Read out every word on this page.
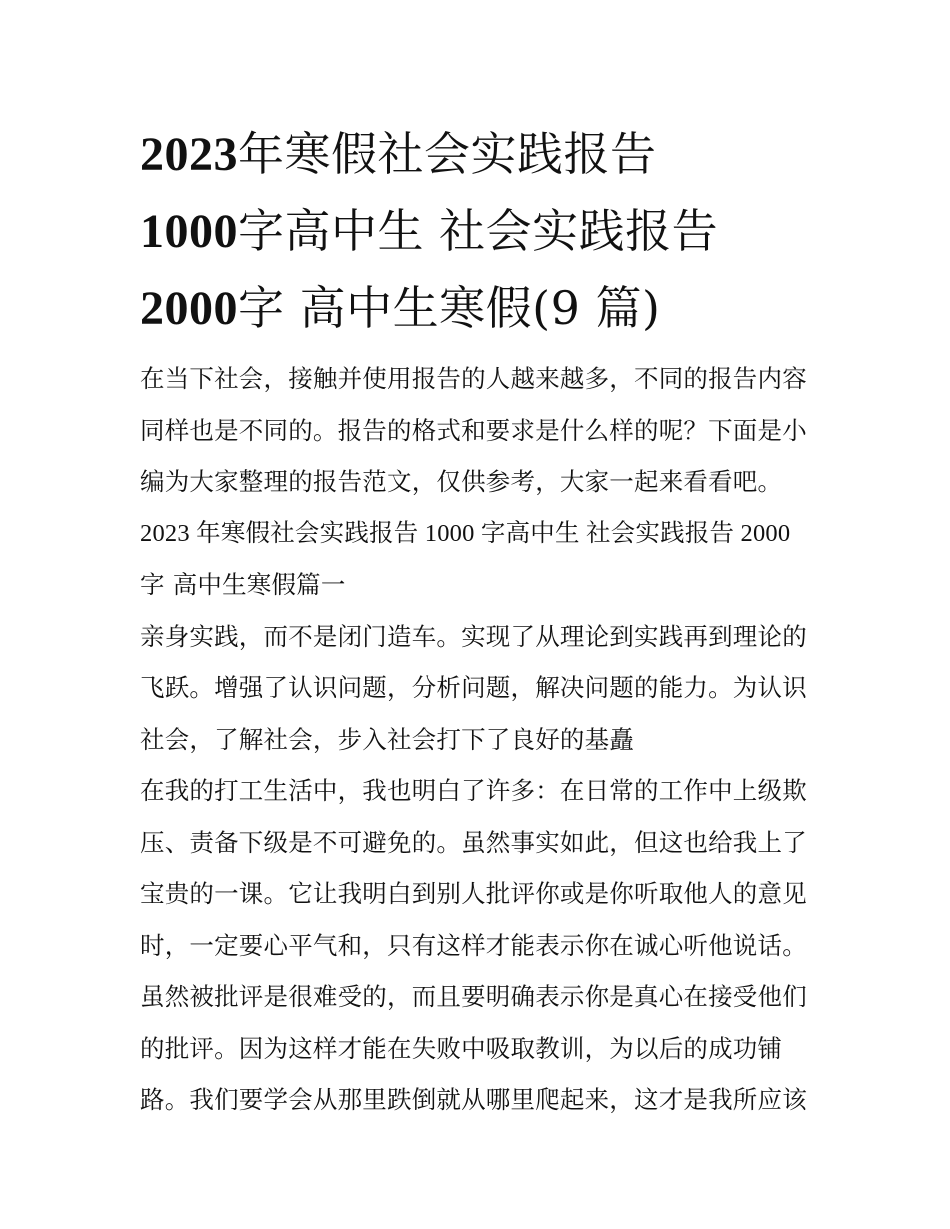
2023年寒假社会实践报告
1000字高中生 社会实践报告
2000字 高中生寒假(9 篇)
在当下社会，接触并使用报告的人越来越多，不同的报告内容
同样也是不同的。报告的格式和要求是什么样的呢？下面是小
编为大家整理的报告范文，仅供参考，大家一起来看看吧。
2023 年寒假社会实践报告 1000 字高中生 社会实践报告 2000
字 高中生寒假篇一
亲身实践，而不是闭门造车。实现了从理论到实践再到理论的
飞跃。增强了认识问题，分析问题，解决问题的能力。为认识
社会，了解社会，步入社会打下了良好的基矗
在我的打工生活中，我也明白了许多：在日常的工作中上级欺
压、责备下级是不可避免的。虽然事实如此，但这也给我上了
宝贵的一课。它让我明白到别人批评你或是你听取他人的意见
时，一定要心平气和，只有这样才能表示你在诚心听他说话。
虽然被批评是很难受的，而且要明确表示你是真心在接受他们
的批评。因为这样才能在失败中吸取教训，为以后的成功铺
路。我们要学会从那里跌倒就从哪里爬起来，这才是我所应该
